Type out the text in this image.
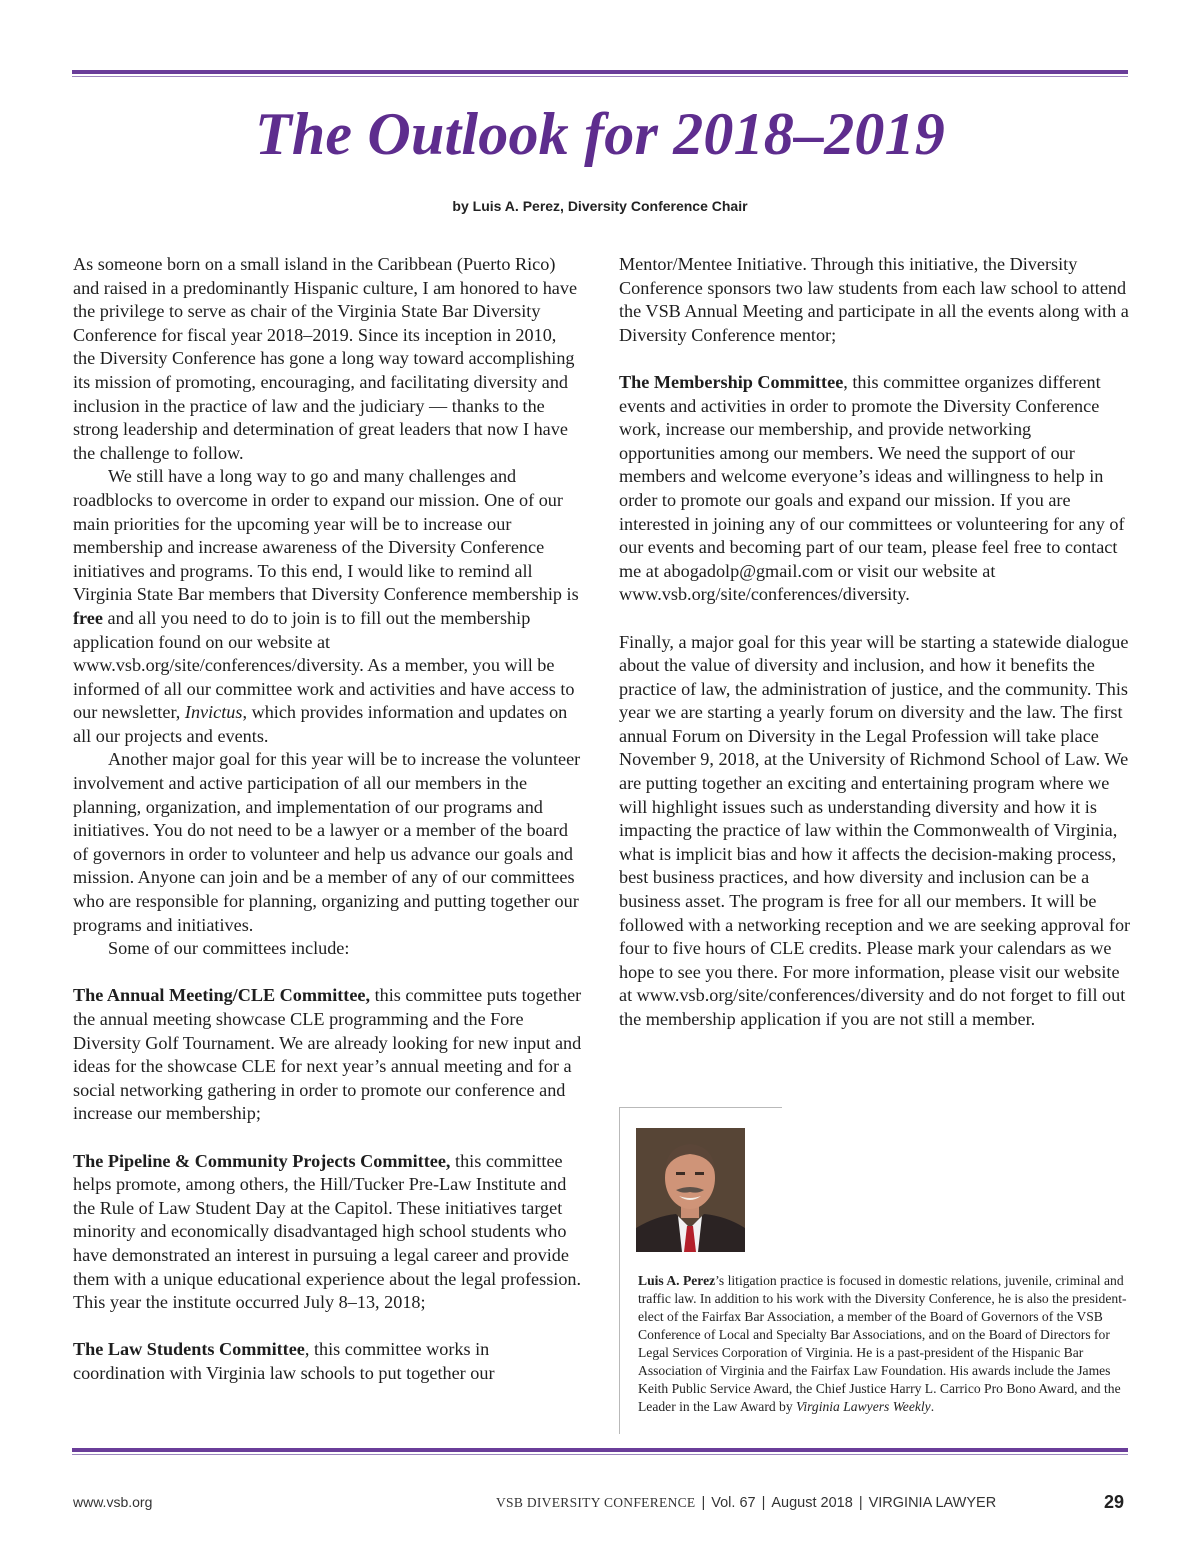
The Outlook for 2018–2019
by Luis A. Perez, Diversity Conference Chair

As someone born on a small island in the Caribbean (Puerto Rico) and raised in a predominantly Hispanic culture, I am honored to have the privilege to serve as chair of the Virginia State Bar Diversity Conference for fiscal year 2018–2019. Since its inception in 2010, the Diversity Conference has gone a long way toward accomplishing its mission of promoting, encouraging, and facilitating diversity and inclusion in the practice of law and the judiciary — thanks to the strong leadership and determination of great leaders that now I have the challenge to follow.

We still have a long way to go and many challenges and roadblocks to overcome in order to expand our mission. One of our main priorities for the upcoming year will be to increase our membership and increase awareness of the Diversity Conference initiatives and programs. To this end, I would like to remind all Virginia State Bar members that Diversity Conference membership is free and all you need to do to join is to fill out the membership application found on our website at www.vsb.org/site/conferences/diversity. As a member, you will be informed of all our committee work and activities and have access to our newsletter, Invictus, which provides information and updates on all our projects and events.

Another major goal for this year will be to increase the volunteer involvement and active participation of all our members in the planning, organization, and implementation of our programs and initiatives. You do not need to be a lawyer or a member of the board of governors in order to volunteer and help us advance our goals and mission. Anyone can join and be a member of any of our committees who are responsible for planning, organizing and putting together our programs and initiatives.

Some of our committees include:

The Annual Meeting/CLE Committee, this committee puts together the annual meeting showcase CLE programming and the Fore Diversity Golf Tournament. We are already looking for new input and ideas for the showcase CLE for next year’s annual meeting and for a social networking gathering in order to promote our conference and increase our membership;

The Pipeline & Community Projects Committee, this committee helps promote, among others, the Hill/Tucker Pre-Law Institute and the Rule of Law Student Day at the Capitol. These initiatives target minority and economically disadvantaged high school students who have demonstrated an interest in pursuing a legal career and provide them with a unique educational experience about the legal profession. This year the institute occurred July 8–13, 2018;

The Law Students Committee, this committee works in coordination with Virginia law schools to put together our

Mentor/Mentee Initiative. Through this initiative, the Diversity Conference sponsors two law students from each law school to attend the VSB Annual Meeting and participate in all the events along with a Diversity Conference mentor;

The Membership Committee, this committee organizes different events and activities in order to promote the Diversity Conference work, increase our membership, and provide networking opportunities among our members. We need the support of our members and welcome everyone’s ideas and willingness to help in order to promote our goals and expand our mission. If you are interested in joining any of our committees or volunteering for any of our events and becoming part of our team, please feel free to contact me at abogadolp@gmail.com or visit our website at www.vsb.org/site/conferences/diversity.

Finally, a major goal for this year will be starting a statewide dialogue about the value of diversity and inclusion, and how it benefits the practice of law, the administration of justice, and the community. This year we are starting a yearly forum on diversity and the law. The first annual Forum on Diversity in the Legal Profession will take place November 9, 2018, at the University of Richmond School of Law. We are putting together an exciting and entertaining program where we will highlight issues such as understanding diversity and how it is impacting the practice of law within the Commonwealth of Virginia, what is implicit bias and how it affects the decision-making process, best business practices, and how diversity and inclusion can be a business asset. The program is free for all our members. It will be followed with a networking reception and we are seeking approval for four to five hours of CLE credits. Please mark your calendars as we hope to see you there. For more information, please visit our website at www.vsb.org/site/conferences/diversity and do not forget to fill out the membership application if you are not still a member.

Luis A. Perez’s litigation practice is focused in domestic relations, juvenile, criminal and traffic law. In addition to his work with the Diversity Conference, he is also the president-elect of the Fairfax Bar Association, a member of the Board of Governors of the VSB Conference of Local and Specialty Bar Associations, and on the Board of Directors for Legal Services Corporation of Virginia. He is a past-president of the Hispanic Bar Association of Virginia and the Fairfax Law Foundation. His awards include the James Keith Public Service Award, the Chief Justice Harry L. Carrico Pro Bono Award, and the Leader in the Law Award by Virginia Lawyers Weekly.

www.vsb.org	VSB DIVERSITY CONFERENCE | Vol. 67 | August 2018 | VIRGINIA LAWYER	29
